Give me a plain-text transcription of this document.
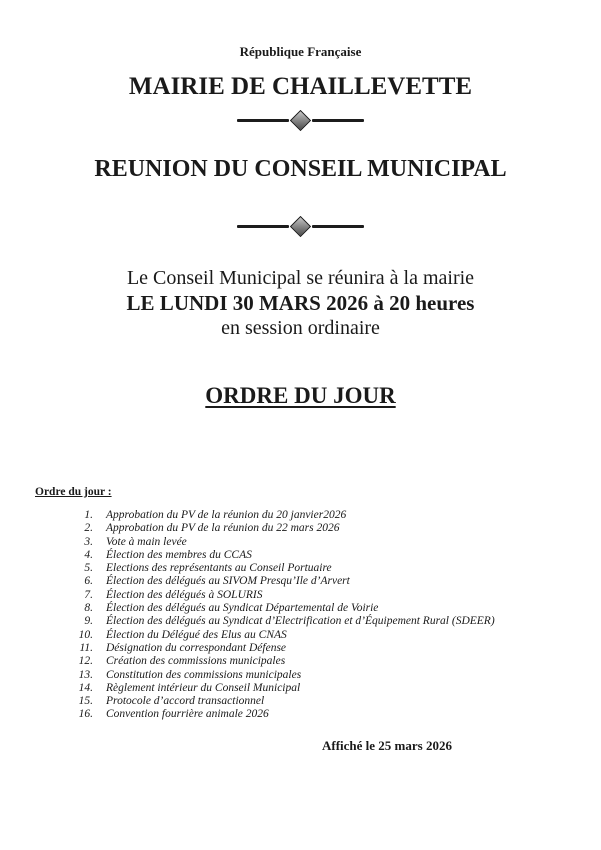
République Française
MAIRIE DE CHAILLEVETTE
REUNION DU CONSEIL MUNICIPAL
Le Conseil Municipal se réunira à la mairie
LE LUNDI 30 MARS 2026 à 20 heures
en session ordinaire
ORDRE DU JOUR
Ordre du jour :
1. Approbation du PV de la réunion du 20 janvier2026
2. Approbation du PV de la réunion du 22 mars 2026
3. Vote à main levée
4. Élection des membres du CCAS
5. Elections des représentants au Conseil Portuaire
6. Élection des délégués au SIVOM Presqu’Ile d’Arvert
7. Élection des délégués à SOLURIS
8. Élection des délégués au Syndicat Départemental de Voirie
9. Élection des délégués au Syndicat d’Electrification et d’Équipement Rural (SDEER)
10. Élection du Délégué des Elus au CNAS
11. Désignation du correspondant Défense
12. Création des commissions municipales
13. Constitution des commissions municipales
14. Règlement intérieur du Conseil Municipal
15. Protocole d’accord transactionnel
16. Convention fourrière animale 2026
Affiché le 25 mars 2026
